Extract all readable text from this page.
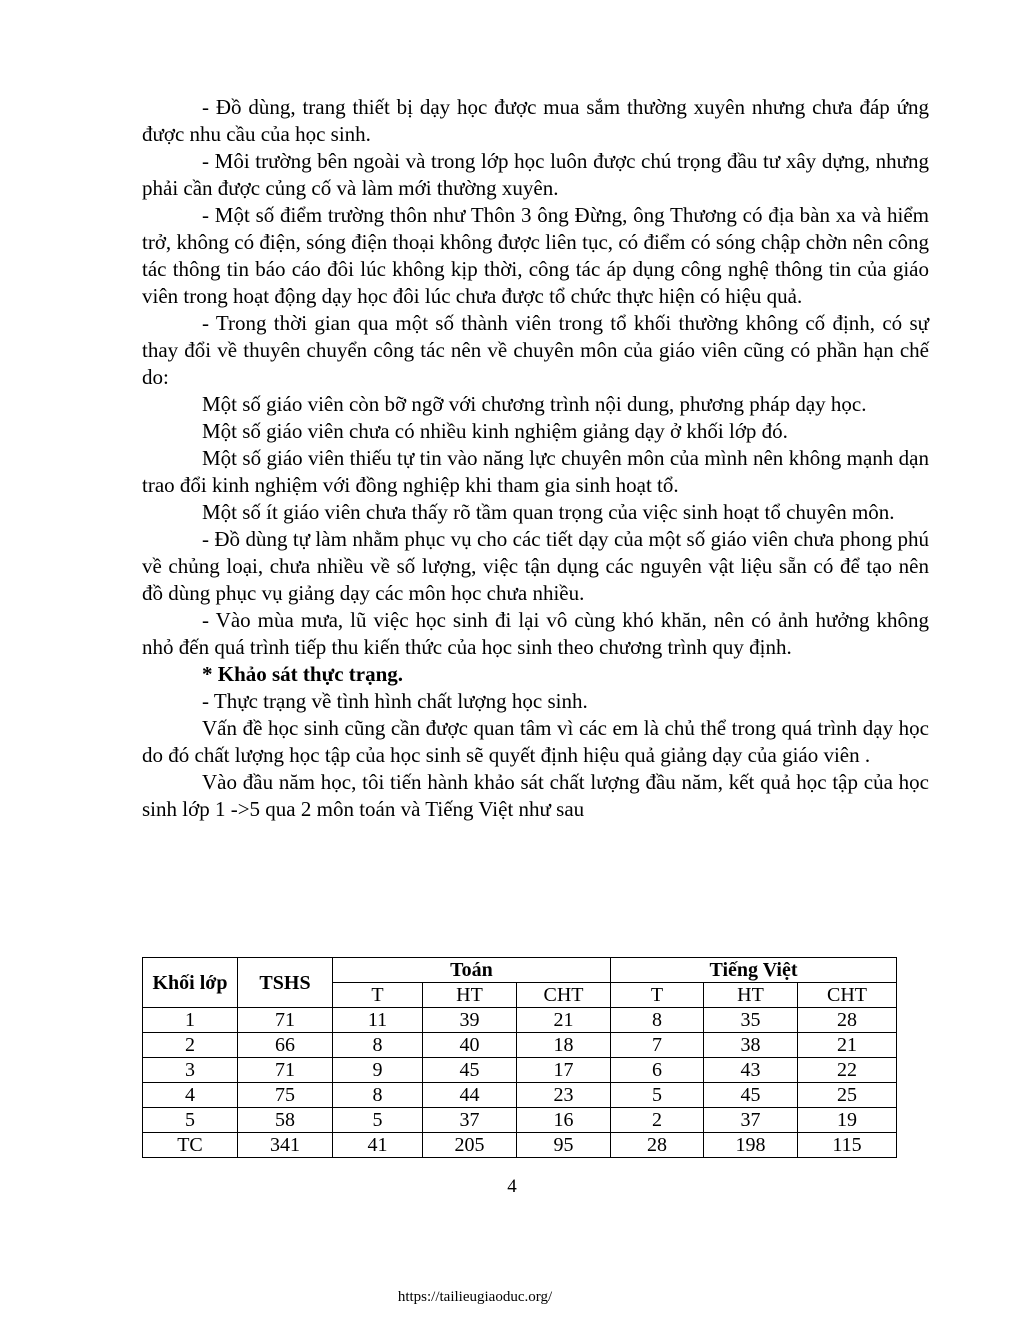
- Đồ dùng, trang thiết bị dạy học được mua sắm thường xuyên nhưng chưa đáp ứng được nhu cầu của học sinh.

- Môi trường bên ngoài và trong lớp học luôn được chú trọng đầu tư xây dựng, nhưng phải cần được củng cố và làm mới thường xuyên.

- Một số điểm trường thôn như Thôn 3 ông Đừng, ông Thương có địa bàn xa và hiểm trở, không có điện, sóng điện thoại không được liên tục, có điểm có sóng chập chờn nên công tác thông tin báo cáo đôi lúc không kịp thời, công tác áp dụng công nghệ thông tin của giáo viên trong hoạt động dạy học đôi lúc chưa được tổ chức thực hiện có hiệu quả.

- Trong thời gian qua một số thành viên trong tổ khối thường không cố định, có sự thay đổi về thuyên chuyển công tác nên về chuyên môn của giáo viên cũng có phần hạn chế do:

Một số giáo viên còn bỡ ngỡ với chương trình nội dung, phương pháp dạy học.

Một số giáo viên chưa có nhiều kinh nghiệm giảng dạy ở khối lớp đó.

Một số giáo viên thiếu tự tin vào năng lực chuyên môn của mình nên không mạnh dạn trao đổi kinh nghiệm với đồng nghiệp khi tham gia sinh hoạt tổ.

Một số ít giáo viên chưa thấy rõ tầm quan trọng của việc sinh hoạt tổ chuyên môn.

- Đồ dùng tự làm nhằm phục vụ cho các tiết dạy của một số giáo viên chưa phong phú về chủng loại, chưa nhiều về số lượng, việc tận dụng các nguyên vật liệu sẵn có để tạo nên đồ dùng phục vụ giảng dạy các môn học chưa nhiều.

- Vào mùa mưa, lũ việc học sinh đi lại vô cùng khó khăn, nên có ảnh hưởng không nhỏ đến quá trình tiếp thu kiến thức của học sinh theo chương trình quy định.

* Khảo sát thực trạng.

- Thực trạng về tình hình chất lượng học sinh.

Vấn đề học sinh cũng cần được quan tâm vì các em là chủ thể trong quá trình dạy học do đó chất lượng học tập của học sinh sẽ quyết định hiệu quả giảng dạy của giáo viên .

Vào đầu năm học, tôi tiến hành khảo sát chất lượng đầu năm, kết quả học tập của học sinh lớp 1 ->5 qua 2 môn toán và Tiếng Việt như sau

Khối lớp	TSHS	Toán			Tiếng Việt		
		T	HT	CHT	T	HT	CHT
1	71	11	39	21	8	35	28
2	66	8	40	18	7	38	21
3	71	9	45	17	6	43	22
4	75	8	44	23	5	45	25
5	58	5	37	16	2	37	19
TC	341	41	205	95	28	198	115
4
https://tailieugiaoduc.org/
